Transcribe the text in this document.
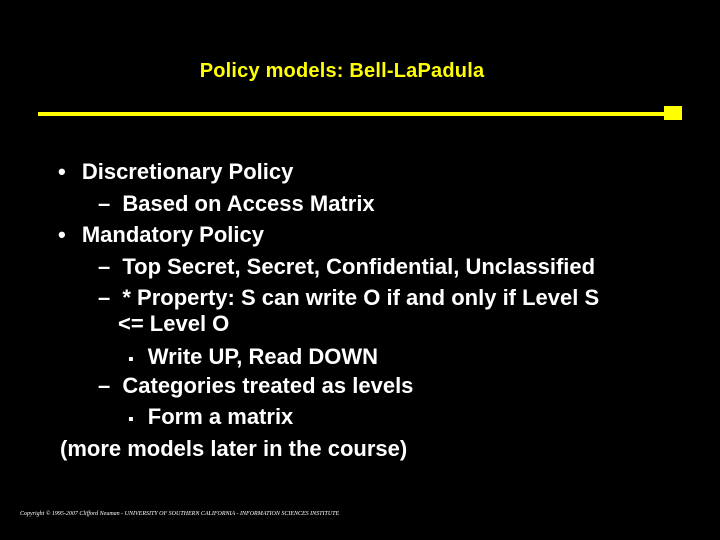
Policy models: Bell-LaPadula
• Discretionary Policy
– Based on Access Matrix
• Mandatory Policy
– Top Secret, Secret, Confidential, Unclassified
– * Property: S can write O if and only if Level S
<= Level O
▪ Write UP, Read DOWN
– Categories treated as levels
▪ Form a matrix
(more models later in the course)
Copyright © 1995-2007 Clifford Neuman - UNIVERSITY OF SOUTHERN CALIFORNIA - INFORMATION SCIENCES INSTITUTE
